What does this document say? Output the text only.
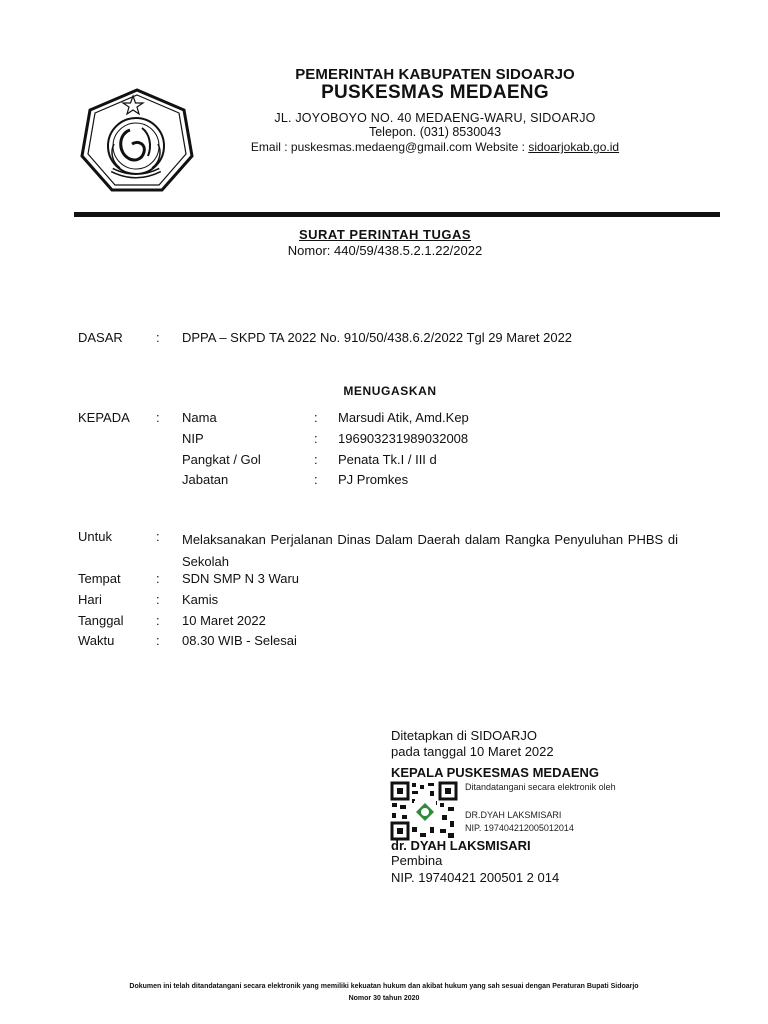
PEMERINTAH KABUPATEN SIDOARJO
PUSKESMAS MEDAENG
JL. JOYOBOYO NO. 40 MEDAENG-WARU, SIDOARJO
Telepon. (031) 8530043
Email : puskesmas.medaeng@gmail.com Website : sidoarjokab.go.id
SURAT PERINTAH TUGAS
Nomor: 440/59/438.5.2.1.22/2022
DASAR	: DPPA – SKPD TA 2022 No. 910/50/438.6.2/2022 Tgl 29 Maret 2022
MENUGASKAN
KEPADA : Nama	: Marsudi Atik, Amd.Kep
NIP	: 196903231989032008
Pangkat / Gol	: Penata Tk.I / III d
Jabatan	: PJ Promkes
Untuk	: Melaksanakan Perjalanan Dinas Dalam Daerah dalam Rangka Penyuluhan PHBS di Sekolah
Tempat	: SDN SMP N 3 Waru
Hari	: Kamis
Tanggal : 10 Maret 2022
Waktu	: 08.30 WIB - Selesai
Ditetapkan di SIDOARJO
pada tanggal 10 Maret 2022
KEPALA PUSKESMAS MEDAENG
Ditandatangani secara elektronik oleh
DR.DYAH LAKSMISARI
NIP. 197404212005012014
dr. DYAH LAKSMISARI
Pembina
NIP. 19740421 200501 2 014
Dokumen ini telah ditandatangani secara elektronik yang memiliki kekuatan hukum dan akibat hukum yang sah sesuai dengan Peraturan Bupati Sidoarjo
Nomor 30 tahun 2020
